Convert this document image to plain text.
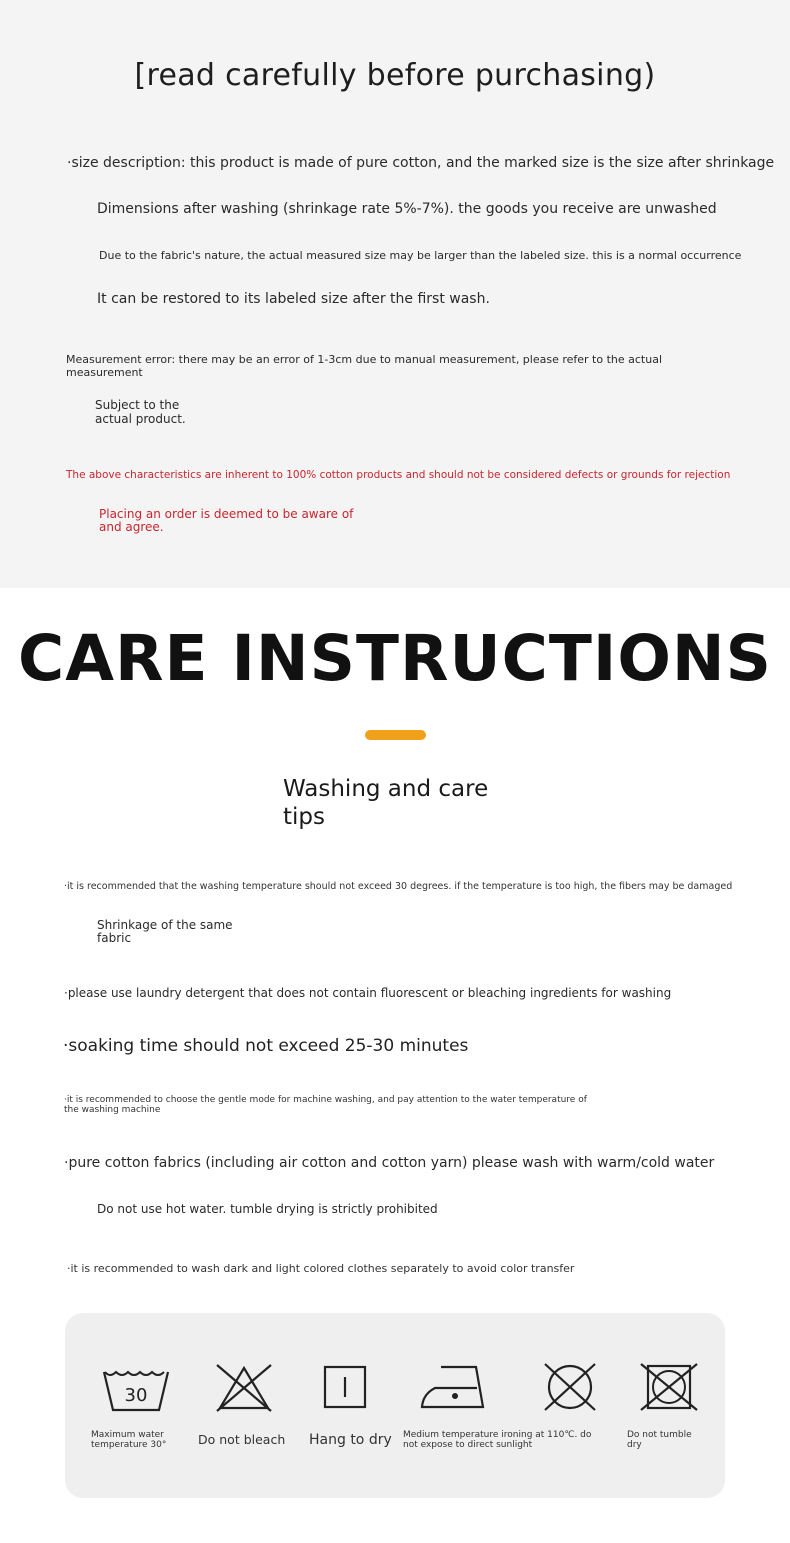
[read carefully before purchasing)
·size description: this product is made of pure cotton, and the marked size is the size after shrinkage
Dimensions after washing (shrinkage rate 5%-7%). the goods you receive are unwashed
Due to the fabric's nature, the actual measured size may be larger than the labeled size. this is a normal occurrence
It can be restored to its labeled size after the first wash.
Measurement error: there may be an error of 1-3cm due to manual measurement, please refer to the actual measurement
Subject to the actual product.
The above characteristics are inherent to 100% cotton products and should not be considered defects or grounds for rejection
Placing an order is deemed to be aware of and agree.
CARE INSTRUCTIONS
Washing and care tips
·it is recommended that the washing temperature should not exceed 30 degrees. if the temperature is too high, the fibers may be damaged
Shrinkage of the same fabric
·please use laundry detergent that does not contain fluorescent or bleaching ingredients for washing
·soaking time should not exceed 25-30 minutes
·it is recommended to choose the gentle mode for machine washing, and pay attention to the water temperature of the washing machine
·pure cotton fabrics (including air cotton and cotton yarn) please wash with warm/cold water
Do not use hot water. tumble drying is strictly prohibited
·it is recommended to wash dark and light colored clothes separately to avoid color transfer
30
Maximum water temperature 30°	Do not bleach Hang to dry Medium temperature ironing at 110℃. do not expose to direct sunlight
Do not tumble dry
